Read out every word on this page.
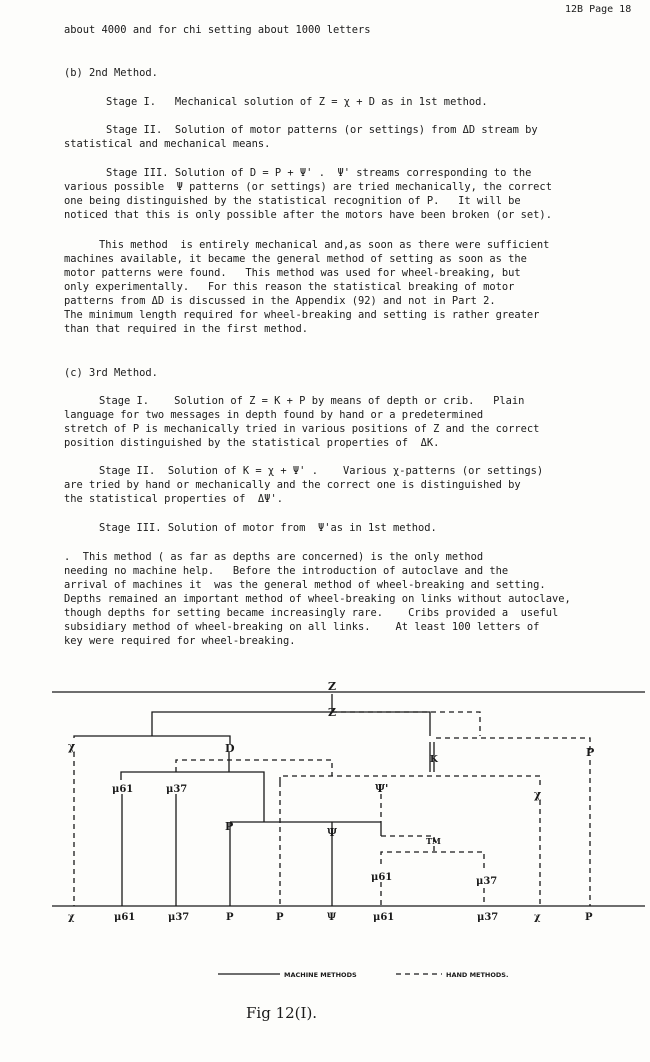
12B Page 18
about 4000 and for chi setting about 1000 letters
(b) 2nd Method.
Stage I.   Mechanical solution of Z = χ + D as in 1st method.
Stage II.  Solution of motor patterns (or settings) from ΔD stream by
statistical and mechanical means.
Stage III. Solution of D = P + Ψ' .  Ψ' streams corresponding to the
various possible  Ψ patterns (or settings) are tried mechanically, the correct
one being distinguished by the statistical recognition of P.   It will be
noticed that this is only possible after the motors have been broken (or set).
This method  is entirely mechanical and,as soon as there were sufficient
machines available, it became the general method of setting as soon as the
motor patterns were found.   This method was used for wheel-breaking, but
only experimentally.   For this reason the statistical breaking of motor
patterns from ΔD is discussed in the Appendix (92) and not in Part 2.
The minimum length required for wheel-breaking and setting is rather greater
than that required in the first method.
(c) 3rd Method.
Stage I.    Solution of Z = K + P by means of depth or crib.   Plain
language for two messages in depth found by hand or a predetermined
stretch of P is mechanically tried in various positions of Z and the correct
position distinguished by the statistical properties of  ΔK.
Stage II.  Solution of K = χ + Ψ' .    Various χ-patterns (or settings)
are tried by hand or mechanically and the correct one is distinguished by
the statistical properties of  ΔΨ'.
Stage III. Solution of motor from  Ψ'as in 1st method.
.  This method ( as far as depths are concerned) is the only method
needing no machine help.   Before the introduction of autoclave and the
arrival of machines it  was the general method of wheel-breaking and setting.
Depths remained an important method of wheel-breaking on links without autoclave,
though depths for setting became increasingly rare.    Cribs provided a  useful
subsidiary method of wheel-breaking on all links.    At least 100 letters of
key were required for wheel-breaking.
Z
Z
χ	D
K
P
μ61	μ37	Ψ'	χ
P	Ψ
TM
μ61	μ37
χ	μ61	μ37	P	P	Ψ	μ61	μ37	χ	P
MACHINE METHODS	HAND METHODS.
Fig 12(I).
